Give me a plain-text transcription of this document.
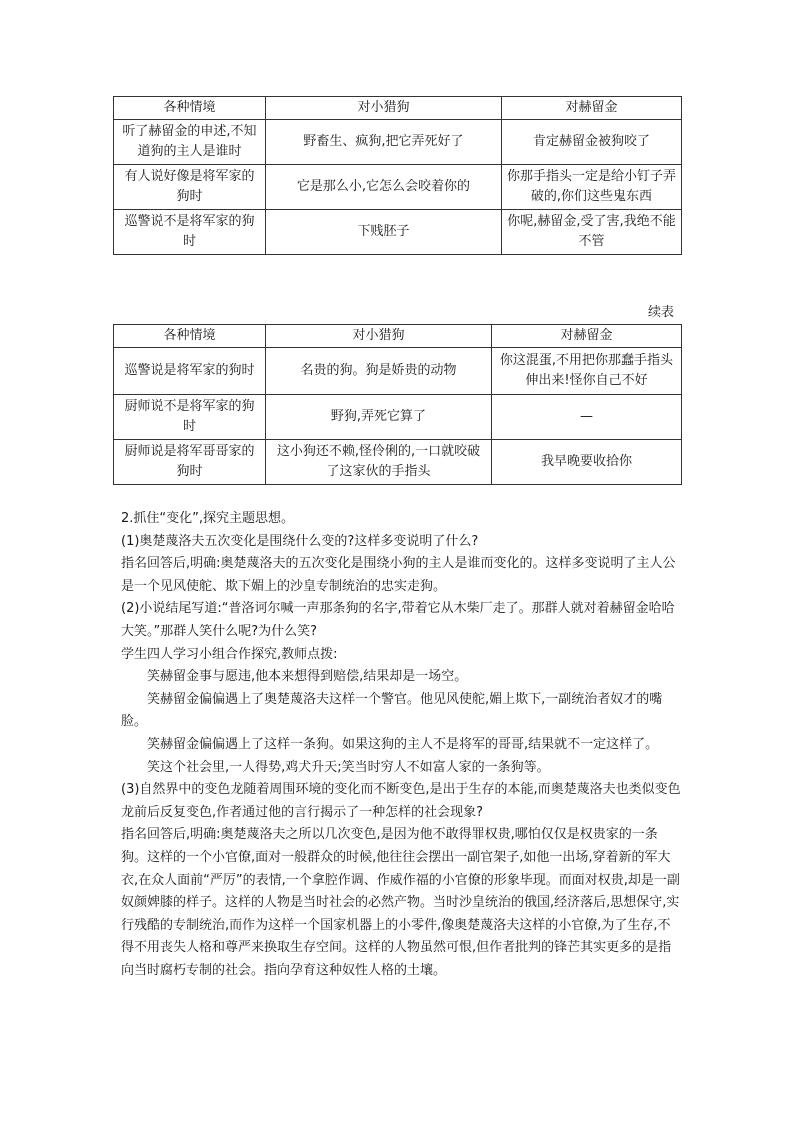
各种情境	对小猎狗	对赫留金
听了赫留金的申述,不知道狗的主人是谁时	野畜生、疯狗,把它弄死好了	肯定赫留金被狗咬了
有人说好像是将军家的狗时	它是那么小,它怎么会咬着你的	你那手指头一定是给小钉子弄破的,你们这些鬼东西
巡警说不是将军家的狗时	下贱胚子	你呢,赫留金,受了害,我绝不能不管
续表
各种情境	对小猎狗	对赫留金
巡警说是将军家的狗时	名贵的狗。狗是娇贵的动物	你这混蛋,不用把你那蠢手指头伸出来!怪你自己不好
厨师说不是将军家的狗时	野狗,弄死它算了	—
厨师说是将军哥哥家的狗时	这小狗还不赖,怪伶俐的,一口就咬破了这家伙的手指头	我早晚要收拾你

2.抓住“变化”,探究主题思想。

(1)奥楚蔑洛夫五次变化是围绕什么变的?这样多变说明了什么?

指名回答后,明确:奥楚蔑洛夫的五次变化是围绕小狗的主人是谁而变化的。这样多变说明了主人公是一个见风使舵、欺下媚上的沙皇专制统治的忠实走狗。

(2)小说结尾写道:“普洛诃尔喊一声那条狗的名字,带着它从木柴厂走了。那群人就对着赫留金哈哈大笑。”那群人笑什么呢?为什么笑?

学生四人学习小组合作探究,教师点拨:

笑赫留金事与愿违,他本来想得到赔偿,结果却是一场空。

笑赫留金偏偏遇上了奥楚蔑洛夫这样一个警官。他见风使舵,媚上欺下,一副统治者奴才的嘴脸。

笑赫留金偏偏遇上了这样一条狗。如果这狗的主人不是将军的哥哥,结果就不一定这样了。

笑这个社会里,一人得势,鸡犬升天;笑当时穷人不如富人家的一条狗等。

(3)自然界中的变色龙随着周围环境的变化而不断变色,是出于生存的本能,而奥楚蔑洛夫也类似变色龙前后反复变色,作者通过他的言行揭示了一种怎样的社会现象?

指名回答后,明确:奥楚蔑洛夫之所以几次变色,是因为他不敢得罪权贵,哪怕仅仅是权贵家的一条狗。这样的一个小官僚,面对一般群众的时候,他往往会摆出一副官架子,如他一出场,穿着新的军大衣,在众人面前“严厉”的表情,一个拿腔作调、作威作福的小官僚的形象毕现。而面对权贵,却是一副奴颜婢膝的样子。这样的人物是当时社会的必然产物。当时沙皇统治的俄国,经济落后,思想保守,实行残酷的专制统治,而作为这样一个国家机器上的小零件,像奥楚蔑洛夫这样的小官僚,为了生存,不得不用丧失人格和尊严来换取生存空间。这样的人物虽然可恨,但作者批判的锋芒其实更多的是指向当时腐朽专制的社会。指向孕育这种奴性人格的土壤。
